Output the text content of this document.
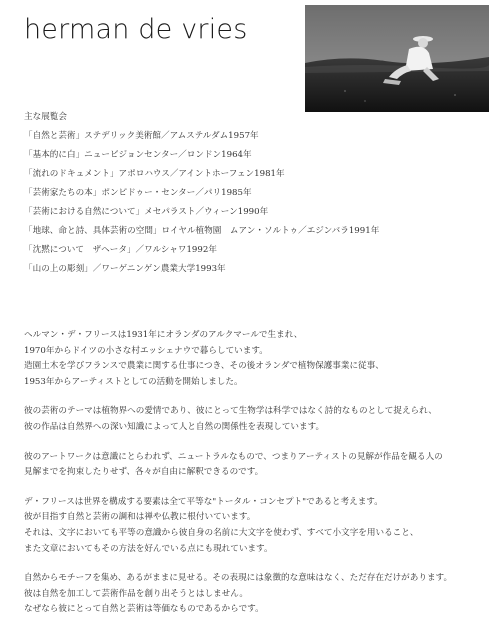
herman de vries
主な展覧会
「自然と芸術」ステデリック美術館／アムステルダム1957年
「基本的に白」ニュービジョンセンター／ロンドン1964年
「流れのドキュメント」アポロハウス／アイントホーフェン1981年
「芸術家たちの本」ポンピドゥー・センター／パリ1985年
「芸術における自然について」メセパラスト／ウィーン1990年
「地球、命と詩、具体芸術の空間」ロイヤル植物園　ムアン・ソルトゥ／エジンバラ1991年
「沈黙について　ザヘータ」／ワルシャワ1992年
「山の上の彫刻」／ワーゲニンゲン農業大学1993年

ヘルマン・デ・フリースは1931年にオランダのアルクマールで生まれ、
1970年からドイツの小さな村エッシェナウで暮らしています。
造園土木を学びフランスで農業に関する仕事につき、その後オランダで植物保護事業に従事、
1953年からアーティストとしての活動を開始しました。

彼の芸術のテーマは植物界への愛情であり、彼にとって生物学は科学ではなく詩的なものとして捉えられ、
彼の作品は自然界への深い知識によって人と自然の関係性を表現しています。

彼のアートワークは意識にとらわれず、ニュートラルなもので、つまりアーティストの見解が作品を観る人の
見解までを拘束したりせず、各々が自由に解釈できるのです。

デ・フリースは世界を構成する要素は全て平等な"トータル・コンセプト"であると考えます。
彼が目指す自然と芸術の調和は禅や仏教に根付いています。
それは、文字においても平等の意識から彼自身の名前に大文字を使わず、すべて小文字を用いること、
また文章においてもその方法を好んでいる点にも現れています。

自然からモチーフを集め、あるがままに見せる。その表現には象徴的な意味はなく、ただ存在だけがあります。
彼は自然を加工して芸術作品を創り出そうとはしません。
なぜなら彼にとって自然と芸術は等価なものであるからです。
